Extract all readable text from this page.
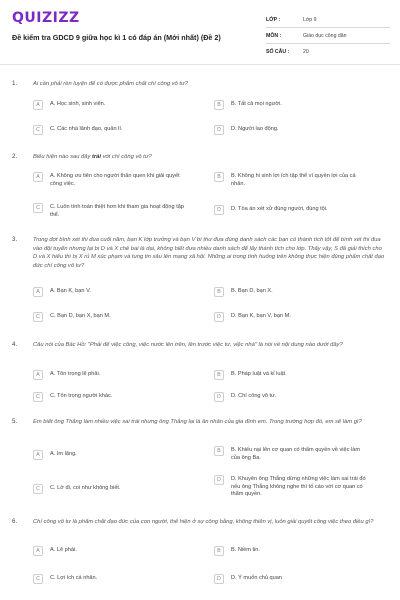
QUIZIZZ
Đề kiểm tra GDCD 9 giữa học kì 1 có đáp án (Mới nhất) (Đề 2)
LỚP :	Lớp 9
MÔN :	Giáo dục công dân
SỐ CÂU :	20
1.	Ai cần phải rèn luyện để có được phẩm chất chí công vô tư?
A	A. Học sinh, sinh viên.	B	B. Tất cả mọi người.
C	C. Các nhà lãnh đạo, quản lí.	D	D. Người lao động.
2.	Biểu hiện nào sau đây trái với chí công vô tư?
A	A. Không ưu tiên cho người thân quen khi giải quyết công việc.
B	B. Không hi sinh lợi ích tập thể vì quyền lợi của cá nhân.
C	C. Luôn tính toán thiệt hơn khi tham gia hoạt động tập thể.
D	D. Tòa án xét xử đúng người, đúng tội.
3.	Trong đợt bình xét thi đua cuối năm, bạn K lớp trưởng và bạn V bí thư đưa đúng danh sách các bạn có thành tích tốt để bình xét thi đua vào đội tuyển nhưng lại bị D và X chê bai là dại, không biết đưa nhiều danh sách để lấy thành tích cho lớp. Thấy vậy, S đã giải thích cho D và X hiểu thì bị X rủ M xúc phạm và tung tin xấu lên mạng xã hội. Những ai trong tình huống trên không thực hiện đúng phẩm chất đạo đức chí công vô tư?
A	A. Bạn K, bạn V.	B	B. Bạn D, bạn X.
C	C. Bạn D, bạn X, bạn M.	D	D. Bạn K, bạn V, bạn M.
4.	Câu nói của Bác Hồ: "Phải để việc công, việc nước lên trên, lên trước việc tư, việc nhà" là nói về nội dung nào dưới đây?
A	A. Tôn trọng lẽ phải.	B	B. Pháp luật và kỉ luật.
C	C. Tôn trọng người khác.	D	D. Chí công vô tư.
5.	Em biết ông Thắng làm nhiều việc sai trái nhưng ông Thắng lại là ân nhân của gia đình em. Trong trường hợp đó, em sẽ làm gì?
A	A. Im lặng.	B	B. Khiếu nại lên cơ quan có thẩm quyền về việc làm của ông Ba.
C	C. Lờ đi, coi như không biết.
D	D. Khuyên ông Thắng dừng những việc làm sai trái đó nếu ông Thắng không nghe thì tố cáo với cơ quan có thẩm quyền.
6.	Chí công vô tư là phẩm chất đạo đức của con người, thể hiện ở sự công bằng, không thiên vị, luôn giải quyết công việc theo điều gì?
A	A. Lẽ phải.	B	B. Niềm tin.
C	C. Lợi ích cá nhân.	D	D. Ý muốn chủ quan
